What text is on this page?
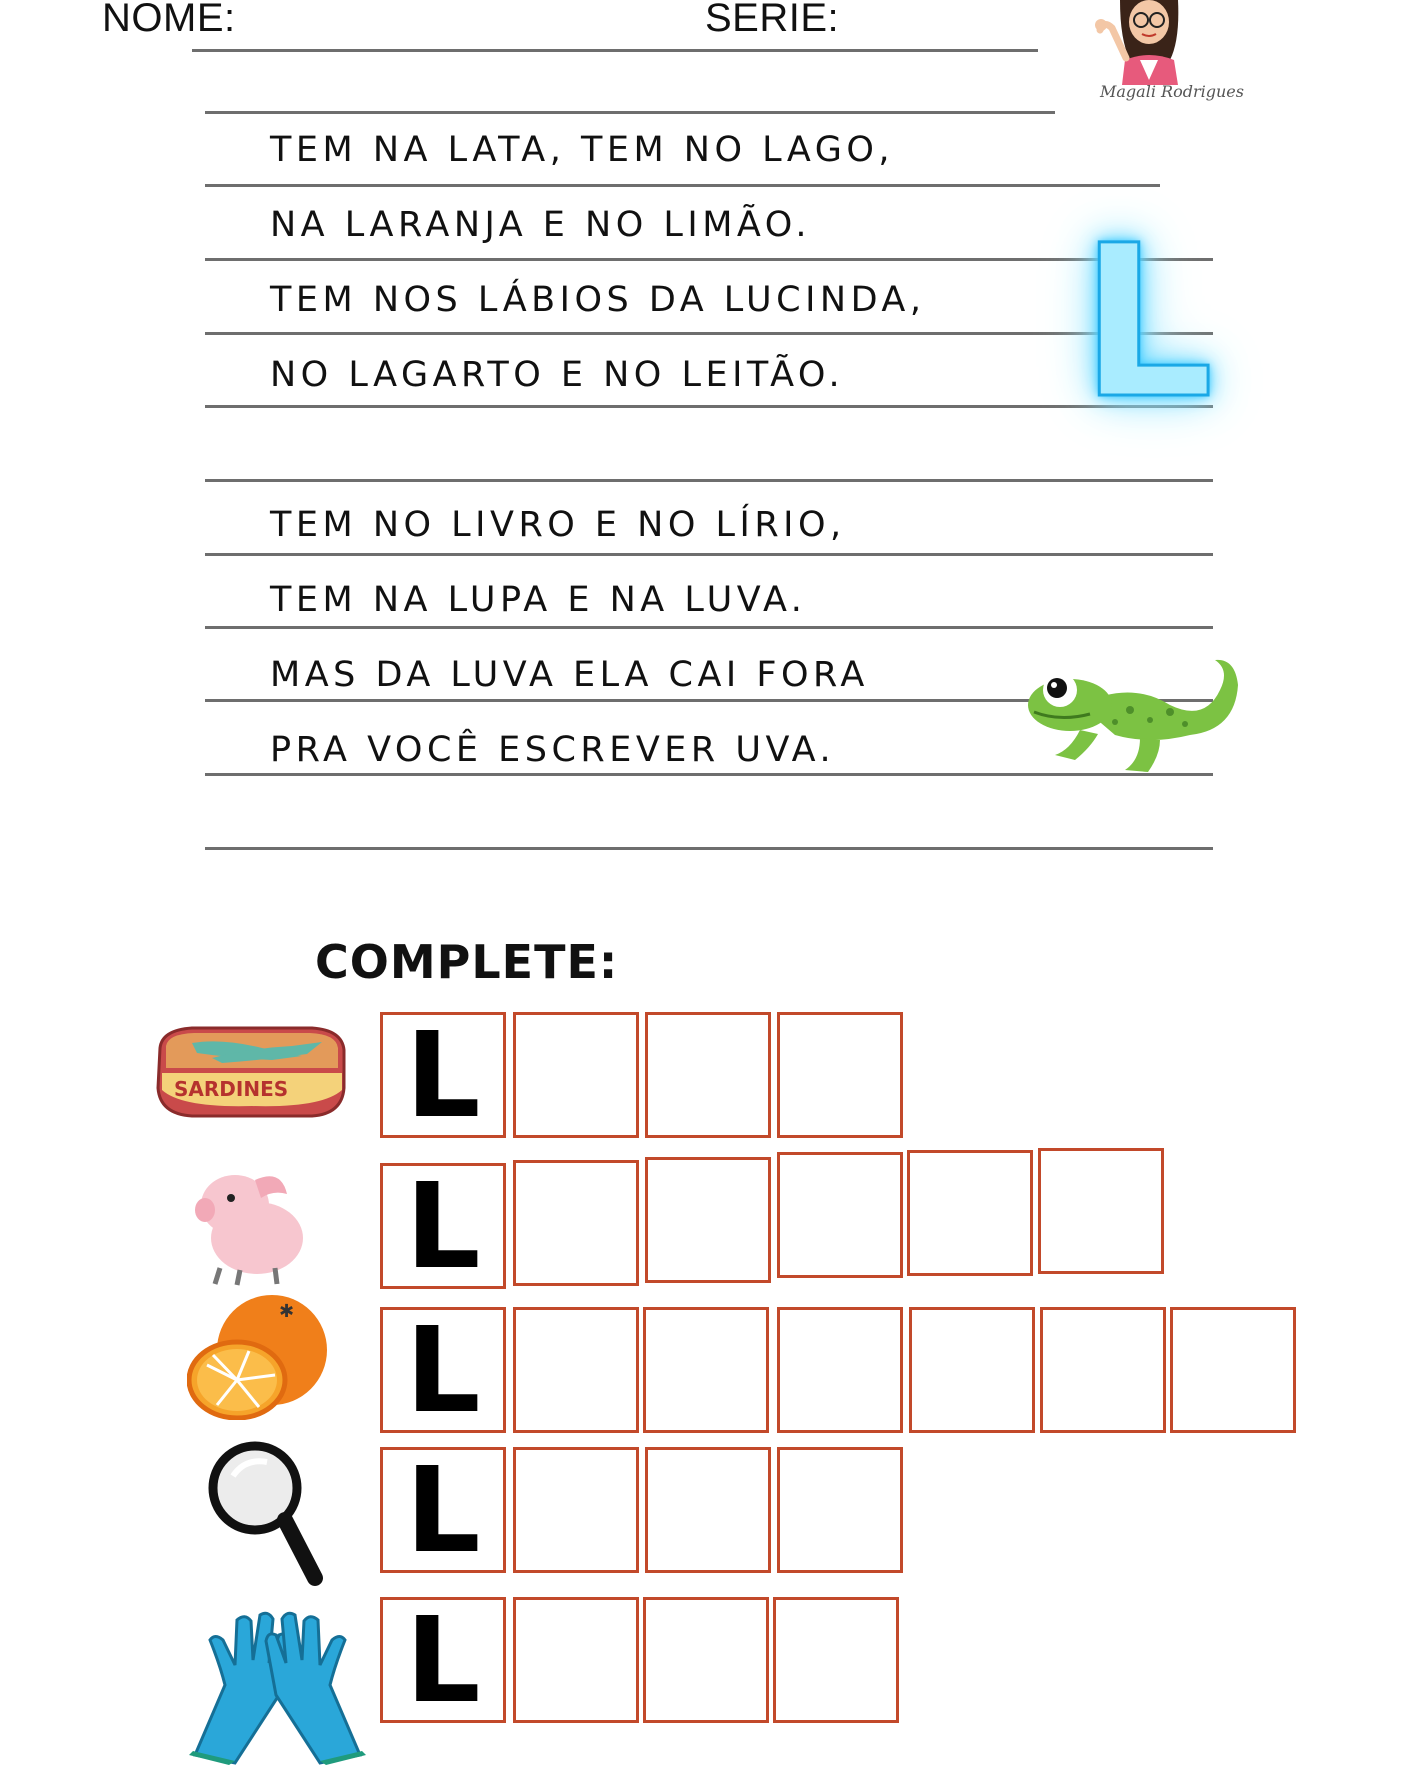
NOME:	SERIE:
Magali Rodrigues
TEM NA LATA, TEM NO LAGO,
NA LARANJA E NO LIMÃO.
TEM NOS LÁBIOS DA LUCINDA,
NO LAGARTO E NO LEITÃO. L
TEM NO LIVRO E NO LÍRIO,
TEM NA LUPA E NA LUVA.
MAS DA LUVA ELA CAI FORA
PRA VOCÊ ESCREVER UVA.
COMPLETE:
SARDINES
✱
L
L
L
L
L
